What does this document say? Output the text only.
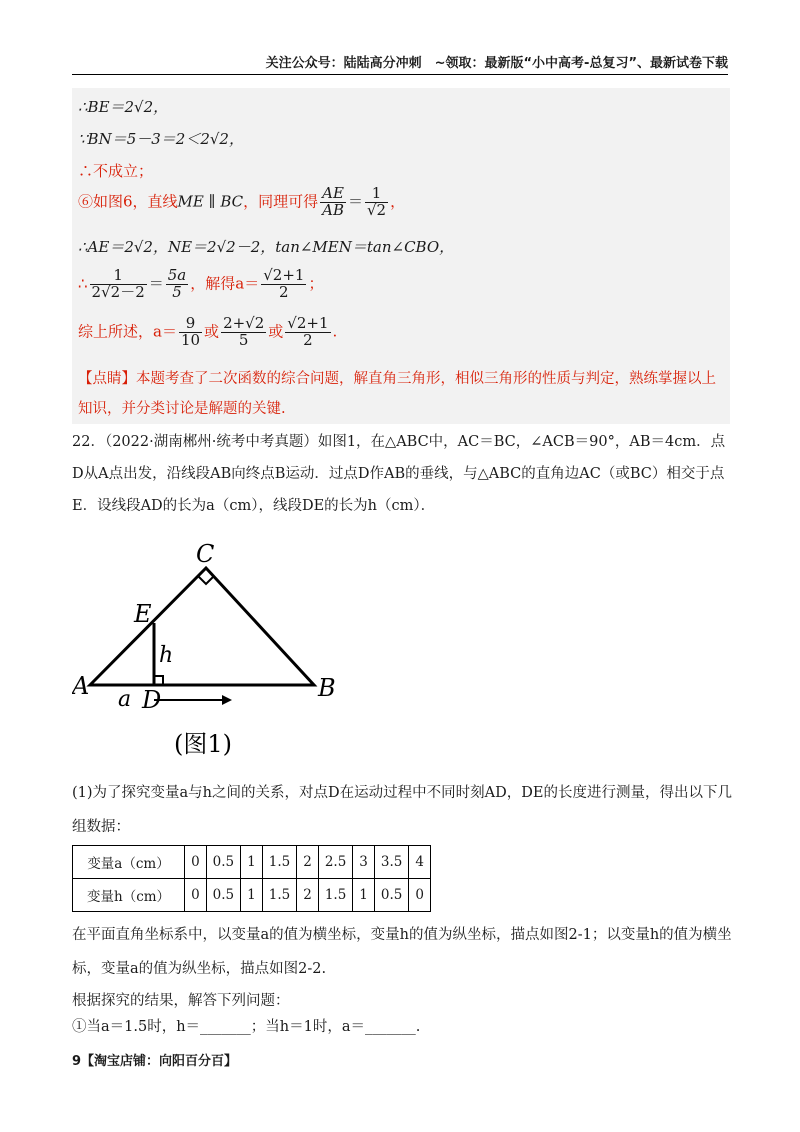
关注公众号：陆陆高分冲刺　~领取：最新版“小中高考-总复习”、最新试卷下载
∴BE＝2√2，
∵BN＝5－3＝2＜2√2，
∴不成立；
⑥如图6，直线ME ∥ BC，同理可得 $\frac{AE}{AB} = \frac{1}{√2}$ ，
∴AE＝2√2，NE＝2√2－2，tan∠MEN＝tan∠CBO，
∴ $\frac{1}{2√2-2} = \frac{5a}{5}$ ，解得$a= \frac{√2+1}{2}$ ；
综上所述，$a= \frac{9}{10}$ 或 $\frac{2+√2}{5}$ 或 $\frac{√2+1}{2}$ .
【点睛】本题考查了二次函数的综合问题，解直角三角形，相似三角形的性质与判定，熟练掌握以上知识，并分类讨论是解题的关键.
22．（2022·湖南郴州·统考中考真题）如图1，在△ABC中，AC＝BC，∠ACB＝90°，AB＝4cm．点D从A点出发，沿线段AB向终点B运动．过点D作AB的垂线，与△ABC的直角边AC（或BC）相交于点E．设线段AD的长为a（cm），线段DE的长为h（cm）．
A	B
C
D
E
h
a
(图1)
(1)为了探究变量a与h之间的关系，对点D在运动过程中不同时刻AD，DE的长度进行测量，得出以下几组数据：
变量a（cm）	0	0.5	1	1.5	2	2.5	3	3.5	4
变量h（cm）	0	0.5	1	1.5	2	1.5	1	0.5	0
在平面直角坐标系中，以变量a的值为横坐标，变量h的值为纵坐标，描点如图2-1；以变量h的值为横坐标，变量a的值为纵坐标，描点如图2-2.
根据探究的结果，解答下列问题：
①当a＝1.5时，h＝_______；当h＝1时，a＝_______.
9【淘宝店铺：向阳百分百】
